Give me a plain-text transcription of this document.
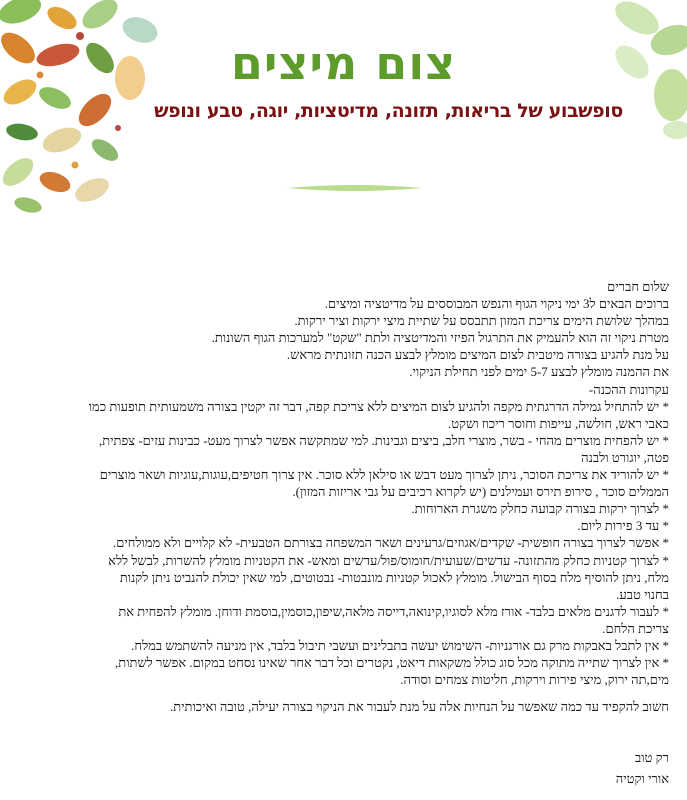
צום מיצים
סופשבוע של בריאות, תזונה, מדיטציות, יוגה, טבע ונופש
שלום חברים
ברוכים הבאים ל3 ימי ניקוי הגוף והנפש המבוססים על מדיטציה ומיצים.
במהלך שלושת הימים צריכת המזון תתבסס על שתיית מיצי ירקות וציר ירקות.
מטרת ניקוי זה הוא להעמיק את התרגול הפיזי והמדיטציה ולתת "שקט" למערכות הגוף השונות.
על מנת להגיע בצורה מיטבית לצום המיצים מומלץ לבצע הכנה תזונתית מראש.
את ההמנה מומלץ לבצע 5-7 ימים לפני תחילת הניקוי.
עקרונות ההכנה-
* יש להתחיל גמילה הדרגתית מקפה ולהגיע לצום המיצים ללא צריכת קפה, דבר זה יקטין בצורה משמעותית תופעות כמו
כאבי ראש, חולשה, עייפות וחוסר ריכוז ושקט.
* יש להפחית מוצרים מהחי - בשר, מוצרי חלב, ביצים וגבינות. למי שמתקשה אפשר לצרוך מעט- כבינות עזים- צפתית,
פטה, יוגורט ולבנה
* יש להוריד את צריכת הסוכר, ניתן לצרוך מעט דבש או סילאן ללא סוכר. אין צרוך חטיפים,עוגות,עוגיות ושאר מוצרים
הממלים סוכר , סירופ תירס ועמילנים (יש לקרוא רכיבים על גבי אריזות המזון).
* לצרוך ירקות בצורה קבועה כחלק משגרת הארוחות.
* עד 3 פירות ליום.
* אפשר לצרוך בצורה חופשית- שקדים/אגוזים/גרעינים ושאר המשפחה בצורתם הטבעית- לא קלויים ולא ממולחים.
* לצרוך קטניות כחלק מהתזונה- עדשים/שעועית/חומוס/פול/עדשים ומאש- את הקטניות מומלץ להשרות, לבשל ללא
מלח, ניתן להוסיף מלח בסוף הבישול. מומלץ לאכול קטניות מונבטות- נבטוטים, למי שאין יכולת להנביט ניתן לקנות
בחנוי טבע.
* לעבור לדגנים מלאים בלבד- אורז מלא לסוגיו,קינואה,דייסה מלאה,שיפון,כוסמין,בוסמת ודוחן. מומלץ להפחית את
צריכת הלחם.
* אין לתבל באבקות מרק גם אורגניות- השימוש יעשה בתבלינים ועשבי תיבול בלבד, אין מניעה להשתמש במלח.
* אין לצרוך שתייה מתוקה מכל סוג כולל משקאות דיאט, נקטרים וכל דבר אחר שאינו נסחט במקום. אפשר לשתות,
מים,תה ירוק, מיצי פירות וירקות, חליטות צמחים וסודה.
חשוב להקפיד עד כמה שאפשר על הנחיות אלה על מנת לעבור את הניקוי בצורה יעילה, טובה ואיכותית.
רק טוב
אורי וקטיה
